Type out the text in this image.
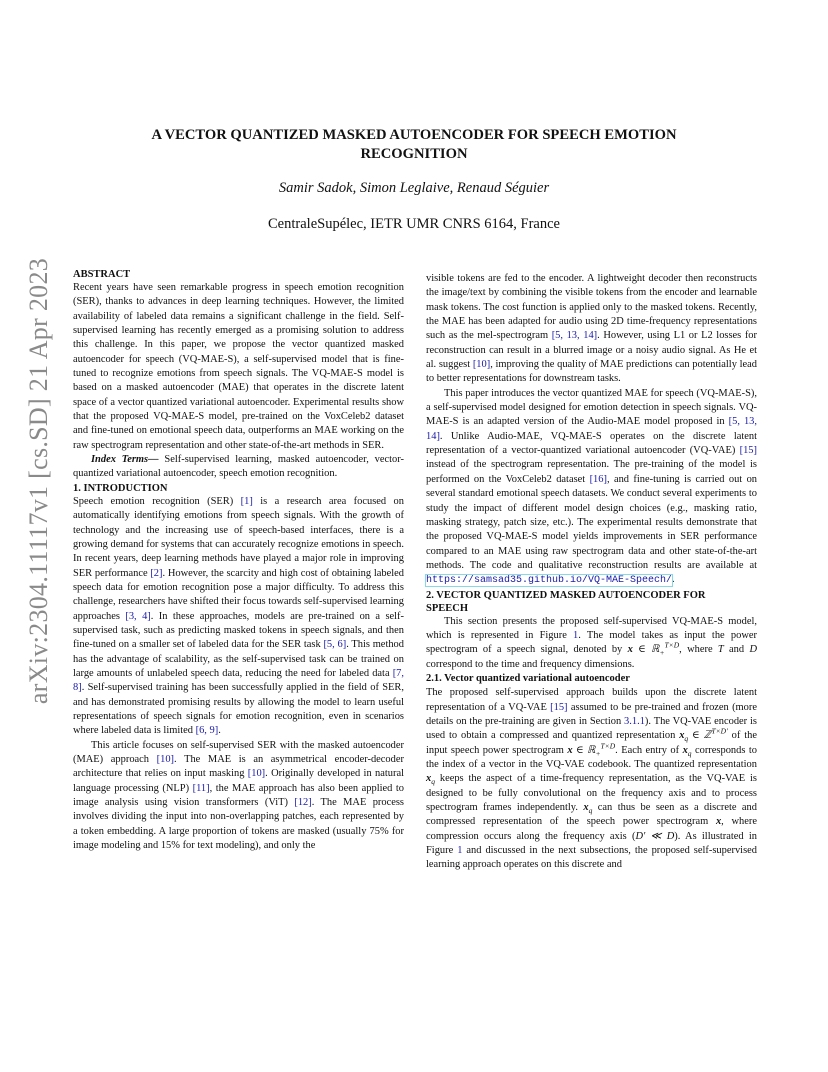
arXiv:2304.11117v1 [cs.SD] 21 Apr 2023
A VECTOR QUANTIZED MASKED AUTOENCODER FOR SPEECH EMOTION
RECOGNITION
Samir Sadok, Simon Leglaive, Renaud Séguier
CentraleSupélec, IETR UMR CNRS 6164, France

ABSTRACT

Recent years have seen remarkable progress in speech emotion recognition (SER), thanks to advances in deep learning techniques. However, the limited availability of labeled data remains a significant challenge in the field. Self-supervised learning has recently emerged as a promising solution to address this challenge. In this paper, we propose the vector quantized masked autoencoder for speech (VQ-MAE-S), a self-supervised model that is fine-tuned to recognize emotions from speech signals. The VQ-MAE-S model is based on a masked autoencoder (MAE) that operates in the discrete latent space of a vector quantized variational autoencoder. Experimental results show that the proposed VQ-MAE-S model, pre-trained on the VoxCeleb2 dataset and fine-tuned on emotional speech data, outperforms an MAE working on the raw spectrogram representation and other state-of-the-art methods in SER.

Index Terms— Self-supervised learning, masked autoencoder, vector-quantized variational autoencoder, speech emotion recognition.

1. INTRODUCTION

Speech emotion recognition (SER) [1] is a research area focused on automatically identifying emotions from speech signals. With the growth of technology and the increasing use of speech-based interfaces, there is a growing demand for systems that can accurately recognize emotions in speech. In recent years, deep learning methods have played a major role in improving SER performance [2]. However, the scarcity and high cost of obtaining labeled speech data for emotion recognition pose a major difficulty. To address this challenge, researchers have shifted their focus towards self-supervised learning approaches [3, 4]. In these approaches, models are pre-trained on a self-supervised task, such as predicting masked tokens in speech signals, and then fine-tuned on a smaller set of labeled data for the SER task [5, 6]. This method has the advantage of scalability, as the self-supervised task can be trained on large amounts of unlabeled speech data, reducing the need for labeled data [7, 8]. Self-supervised training has been successfully applied in the field of SER, and has demonstrated promising results by allowing the model to learn useful representations of speech signals for emotion recognition, even in scenarios where labeled data is limited [6, 9].

This article focuses on self-supervised SER with the masked autoencoder (MAE) approach [10]. The MAE is an asymmetrical encoder-decoder architecture that relies on input masking [10]. Originally developed in natural language processing (NLP) [11], the MAE approach has also been applied to image analysis using vision transformers (ViT) [12]. The MAE process involves dividing the input into non-overlapping patches, each represented by a token embedding. A large proportion of tokens are masked (usually 75% for image modeling and 15% for text modeling), and only the

visible tokens are fed to the encoder. A lightweight decoder then reconstructs the image/text by combining the visible tokens from the encoder and learnable mask tokens. The cost function is applied only to the masked tokens. Recently, the MAE has been adapted for audio using 2D time-frequency representations such as the mel-spectrogram [5, 13, 14]. However, using L1 or L2 losses for reconstruction can result in a blurred image or a noisy audio signal. As He et al. suggest [10], improving the quality of MAE predictions can potentially lead to better representations for downstream tasks.

This paper introduces the vector quantized MAE for speech (VQ-MAE-S), a self-supervised model designed for emotion detection in speech signals. VQ-MAE-S is an adapted version of the Audio-MAE model proposed in [5, 13, 14]. Unlike Audio-MAE, VQ-MAE-S operates on the discrete latent representation of a vector-quantized variational autoencoder (VQ-VAE) [15] instead of the spectrogram representation. The pre-training of the model is performed on the VoxCeleb2 dataset [16], and fine-tuning is carried out on several standard emotional speech datasets. We conduct several experiments to study the impact of different model design choices (e.g., masking ratio, masking strategy, patch size, etc.). The experimental results demonstrate that the proposed VQ-MAE-S model yields improvements in SER performance compared to an MAE using raw spectrogram data and other state-of-the-art methods. The code and qualitative reconstruction results are available at https://samsad35.github.io/VQ-MAE-Speech/.

2. VECTOR QUANTIZED MASKED AUTOENCODER FOR
SPEECH

This section presents the proposed self-supervised VQ-MAE-S model, which is represented in Figure 1. The model takes as input the power spectrogram of a speech signal, denoted by x ∈ ℝ$_+^{T\times D}$, where T and D correspond to the time and frequency dimensions.

2.1. Vector quantized variational autoencoder

The proposed self-supervised approach builds upon the discrete latent representation of a VQ-VAE [15] assumed to be pre-trained and frozen (more details on the pre-training are given in Section 3.1.1). The VQ-VAE encoder is used to obtain a compressed and quantized representation $x_q$ ∈ ℤ$^{T\times D'}$ of the input speech power spectrogram x ∈ ℝ$_+^{T\times D}$. Each entry of $x_q$ corresponds to the index of a vector in the VQ-VAE codebook. The quantized representation $x_q$ keeps the aspect of a time-frequency representation, as the VQ-VAE is designed to be fully convolutional on the frequency axis and to process spectrogram frames independently. $x_q$ can thus be seen as a discrete and compressed representation of the speech power spectrogram x, where compression occurs along the frequency axis (D′ ≪ D). As illustrated in Figure 1 and discussed in the next subsections, the proposed self-supervised learning approach operates on this discrete and
